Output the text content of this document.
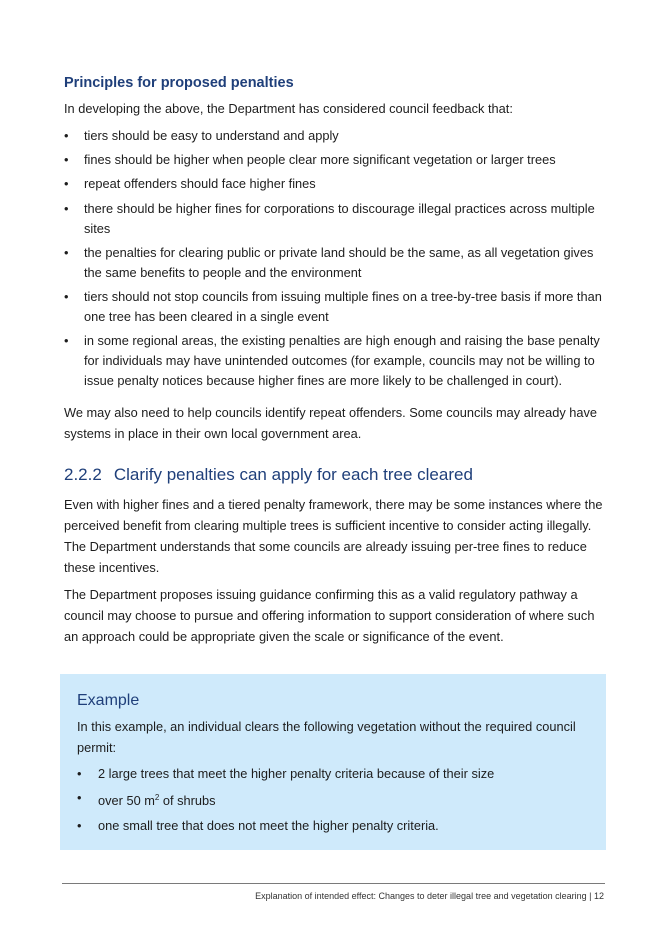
Principles for proposed penalties
In developing the above, the Department has considered council feedback that:
• tiers should be easy to understand and apply
• fines should be higher when people clear more significant vegetation or larger trees
• repeat offenders should face higher fines
• there should be higher fines for corporations to discourage illegal practices across multiple sites
• the penalties for clearing public or private land should be the same, as all vegetation gives the same benefits to people and the environment
• tiers should not stop councils from issuing multiple fines on a tree-by-tree basis if more than one tree has been cleared in a single event
• in some regional areas, the existing penalties are high enough and raising the base penalty for individuals may have unintended outcomes (for example, councils may not be willing to issue penalty notices because higher fines are more likely to be challenged in court).
We may also need to help councils identify repeat offenders. Some councils may already have systems in place in their own local government area.
2.2.2 Clarify penalties can apply for each tree cleared
Even with higher fines and a tiered penalty framework, there may be some instances where the perceived benefit from clearing multiple trees is sufficient incentive to consider acting illegally. The Department understands that some councils are already issuing per-tree fines to reduce these incentives.
The Department proposes issuing guidance confirming this as a valid regulatory pathway a council may choose to pursue and offering information to support consideration of where such an approach could be appropriate given the scale or significance of the event.
Example
In this example, an individual clears the following vegetation without the required council permit:
• 2 large trees that meet the higher penalty criteria because of their size
• over 50 $m^2$ of shrubs
• one small tree that does not meet the higher penalty criteria.
Explanation of intended effect: Changes to deter illegal tree and vegetation clearing | 12
